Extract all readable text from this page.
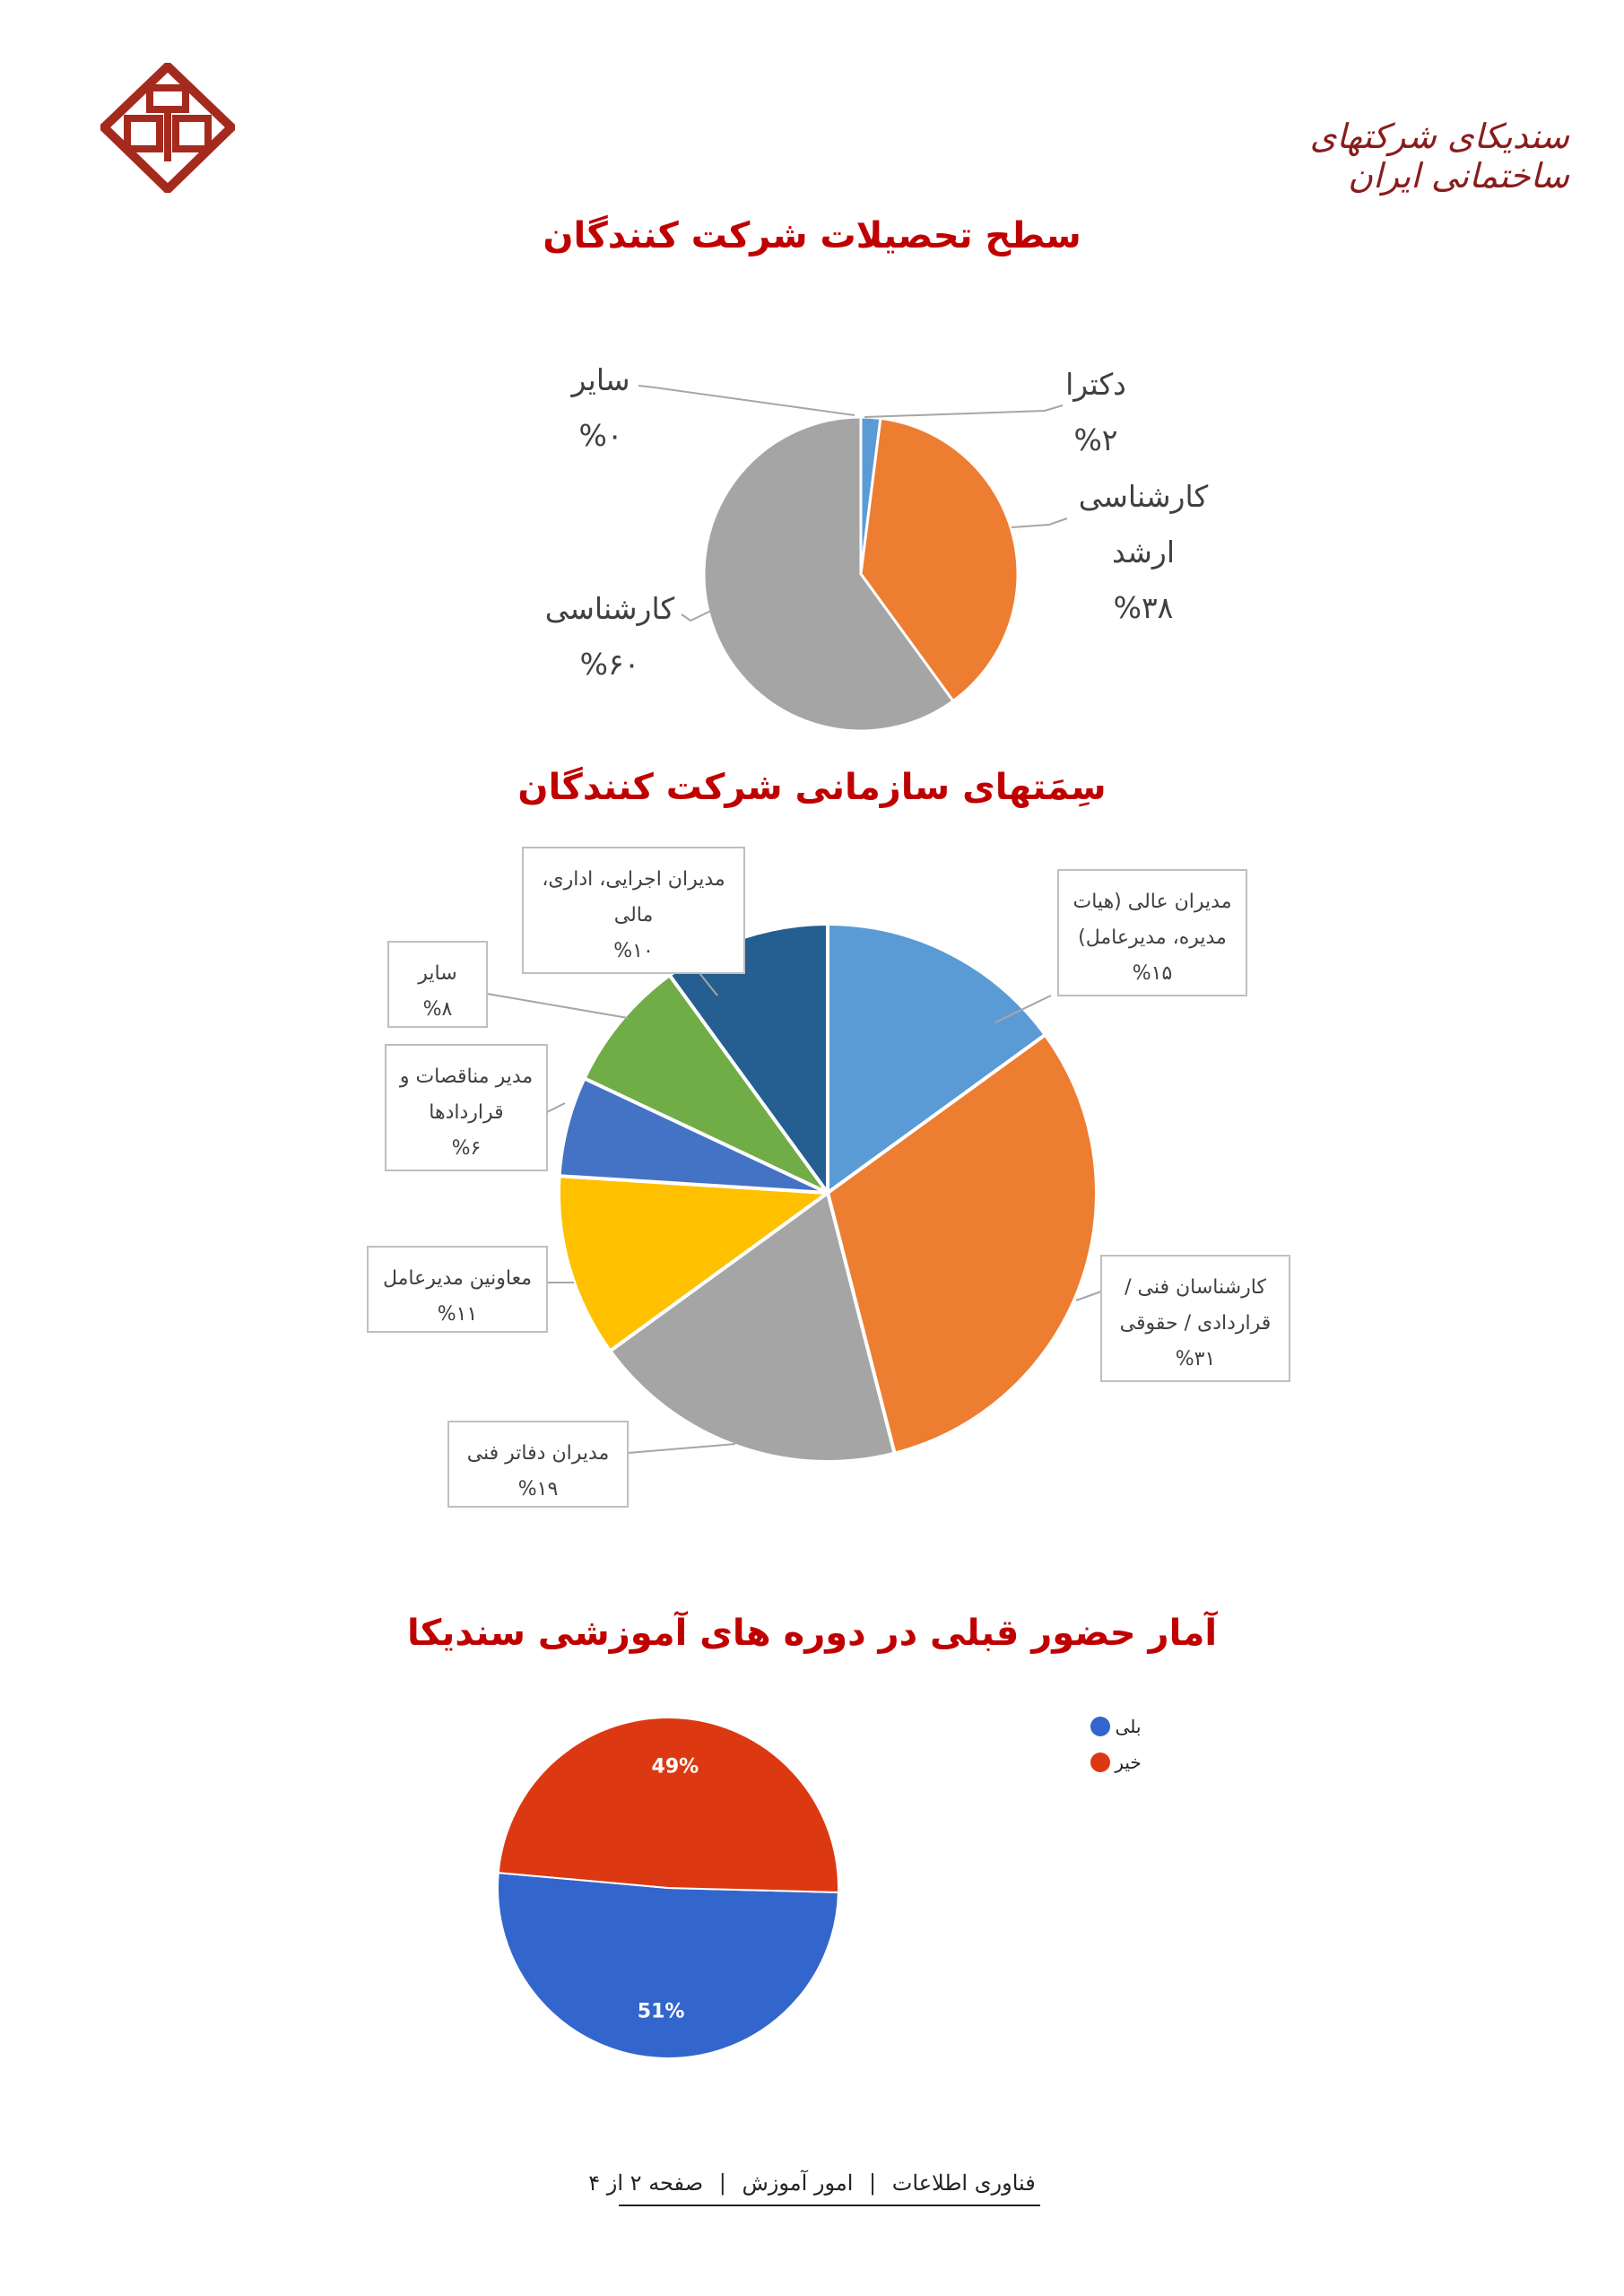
سندیکای شرکتهای ساختمانی ایران
سطح تحصیلات شرکت کنندگان
دکترا
%۲
کارشناسی
ارشد
%۳۸
کارشناسی
%۶۰
سایر
%۰
سِمَتهای سازمانی شرکت کنندگان
مدیران عالی (هیات
مدیره، مدیرعامل)
%۱۵
کارشناسان فنی /
قراردادی / حقوقی
%۳۱
مدیران دفاتر فنی
%۱۹
معاونین مدیرعامل
%۱۱
مدیر مناقصات و
قراردادها
%۶
سایر
%۸
مدیران اجرایی، اداری،
مالی
%۱۰
آمار حضور قبلی در دوره های آموزشی سندیکا
51%
49%
بلی
خیر
فناوری اطلاعات | امور آموزش | صفحه ۲ از ۴
